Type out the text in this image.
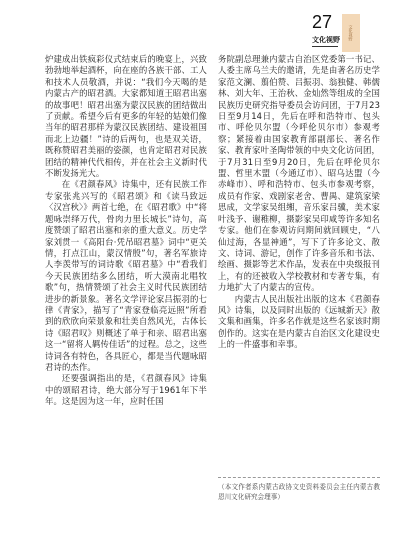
27
文化视野 文化视野

炉建成出铁疯彩仪式结束后的晚宴上，兴致勃勃地举起酒杯，向在座的各族干部、工人和技术人员敬酒，并说：“我们今天喝的是内蒙古产的昭君酒。大家都知道王昭君出塞的故事吧！昭君出塞为蒙汉民族的团结做出了贡献。希望今后有更多的年轻的姑娘们像当年的昭君那样为蒙汉民族团结、建设祖国而北上边疆！”诗的后两句，也是双关语，既称赞昭君美丽的姿颜，也肯定昭君对民族团结的精神代代相传，并在社会主义新时代不断发扬光大。

在《君颜春风》诗集中，还有民族工作专家张兆兴写的《昭君颂》和《读马致远〈汉宫秋〉》两首七绝，在《昭君歌》中“将题咏崇绎万代，骨肉力里长城长”诗句，高度赞颂了昭君出塞和亲的重大意义。历史学家刘贯一《高阳台·凭吊昭君墓》词中“更关情，打点江山，蒙汉情殷”句，著名军旅诗人李羡带写的词诗歌《昭君墓》中“看我们今天民族团结多么团结，听大漠南北唱牧歌”句，热情赞颂了社会主义时代民族团结进步的新景象。著名文学评论家吕振羽的七律《青家》，描写了“青家登临亮远照”所看到的欣欣向荣景象和壮美自然风光，古体长诗《昭君叹》则概述了单于和亲、昭君出塞这一“留将人羁传佳话”的过程。总之，这些诗词各有特色，各具匠心，都是当代题咏昭君诗的杰作。

还要强调指出的是，《君颜春风》诗集中的颂昭君诗，绝大部分写于1961年下半年。这是因为这一年，应时任国

务院副总理兼内蒙古自治区党委第一书记、人委主席乌兰夫的邀请，先是由著名历史学家范文澜、翦伯赞、吕振羽、翁独健、韩儒林、刘大年、王治秋、金灿然等组成的全国民族历史研究指导委员会访问团，于7月23日至9月14日，先后在呼和浩特市、包头市、呼伦贝尔盟（今呼伦贝尔市）参观考察；紧接着由国家教育部副部长、著名作家、教育家叶圣陶带领的中央文化访问团，于7月31日至9月20日，先后在呼伦贝尔盟、哲里木盟（今通辽市）、昭乌达盟（今赤峰市）、呼和浩特市、包头市参观考察，成员有作家、戏剧家老舍、曹禺、建筑家梁思成，文学家吴组缃，音乐家吕骥，美术家叶浅予、谢稚柳，摄影家吴印咸等许多知名专家。他们在参观访问期间就回顾史，“八仙过海，各显神通”，写下了许多论文、散文、诗词、游记，创作了许多音乐和书法、绘画、摄影等艺术作品，发表在中央级报刊上，有的还被收入学校教材和专著专集，有力地扩大了内蒙古的宣传。

内蒙古人民出版社出版的这本《君颜春风》诗集，以及同时出版的《远城新天》散文集和画集，许多名作就是这些名家该时期创作的。这实在是内蒙古自治区文化建设史上的一件盛事和幸事。

（本文作者系内蒙古政协文史资料委员会主任内蒙古教恩川文化研究会理事）
